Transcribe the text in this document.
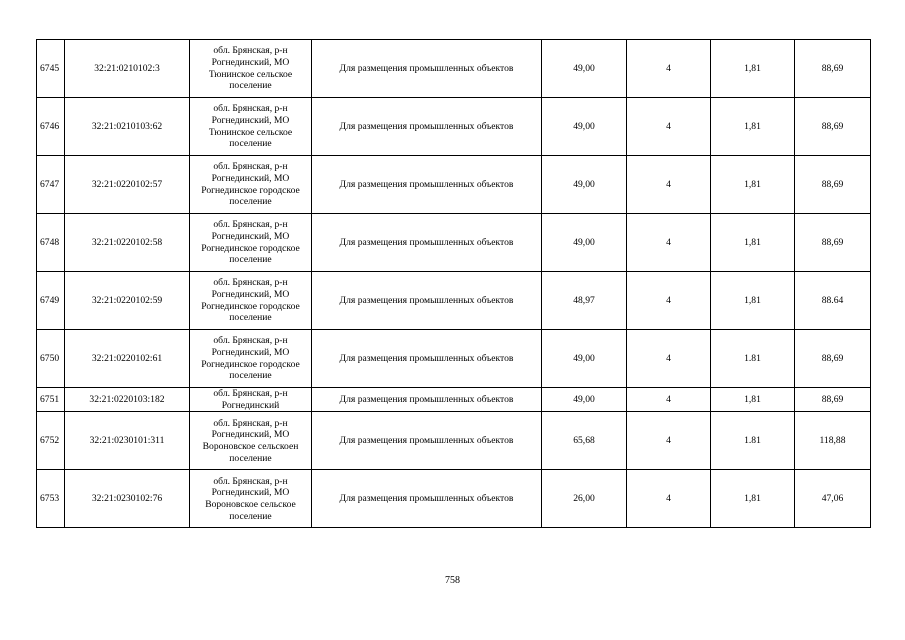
6745	32:21:0210102:3	обл. Брянская, р-н Рогнединский, МО Тюнинское сельское поселение	Для размещения промышленных объектов	49,00	4	1,81	88,69
6746	32:21:0210103:62	обл. Брянская, р-н Рогнединский, МО Тюнинское сельское поселение	Для размещения промышленных объектов	49,00	4	1,81	88,69
6747	32:21:0220102:57	обл. Брянская, р-н Рогнединский, МО Рогнединское городское поселение	Для размещения промышленных объектов	49,00	4	1,81	88,69
6748	32:21:0220102:58	обл. Брянская, р-н Рогнединский, МО Рогнединское городское поселение	Для размещения промышленных объектов	49,00	4	1,81	88,69
6749	32:21:0220102:59	обл. Брянская, р-н Рогнединский, МО Рогнединское городское поселение	Для размещения промышленных объектов	48,97	4	1,81	88.64
6750	32:21:0220102:61	обл. Брянская, р-н Рогнединский, МО Рогнединское городское поселение	Для размещения промышленных объектов	49,00	4	1.81	88,69
6751	32:21:0220103:182	обл. Брянская, р-н Рогнединский	Для размещения промышленных объектов	49,00	4	1,81	88,69
6752	32:21:0230101:311	обл. Брянская, р-н Рогнединский, МО Вороновское сельскоен поселение	Для размещения промышленных объектов	65,68	4	1.81	118,88
6753	32:21:0230102:76	обл. Брянская, р-н Рогнединский, МО Вороновское сельское поселение	Для размещения промышленных объектов	26,00	4	1,81	47,06
758
